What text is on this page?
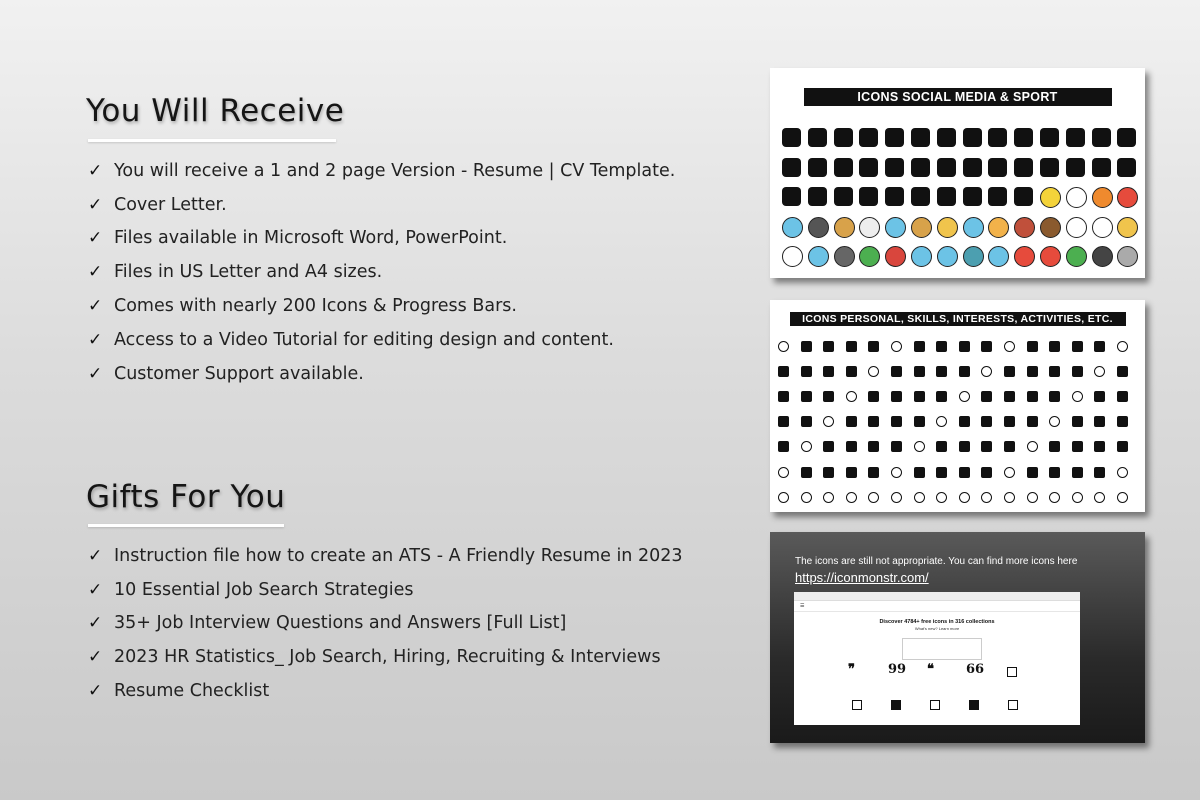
You Will Receive
✓ You will receive a 1 and 2 page Version - Resume | CV Template.
✓ Cover Letter.
✓ Files available in Microsoft Word, PowerPoint.
✓ Files in US Letter and A4 sizes.
✓ Comes with nearly 200 Icons & Progress Bars.
✓ Access to a Video Tutorial for editing design and content.
✓ Customer Support available.
Gifts For You
✓ Instruction file how to create an ATS - A Friendly Resume in 2023
✓ 10 Essential Job Search Strategies
✓ 35+ Job Interview Questions and Answers [Full List]
✓ 2023 HR Statistics_ Job Search, Hiring, Recruiting & Interviews
✓ Resume Checklist
ICONS SOCIAL MEDIA & SPORT
ICONS PERSONAL, SKILLS, INTERESTS, ACTIVITIES, ETC.
The icons are still not appropriate. You can find more icons here
https://iconmonstr.com/
☰
Discover 4784+ free icons in 316 collections
What's new? Learn more
❞	99 ❝ 66
